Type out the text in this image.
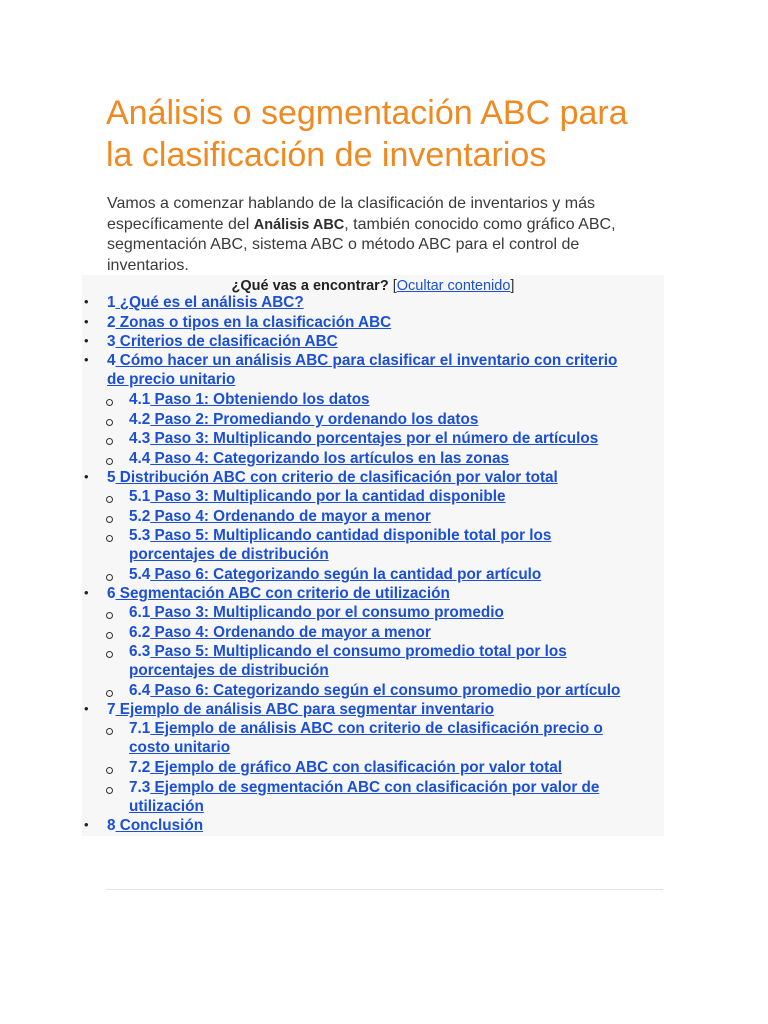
Análisis o segmentación ABC para
la clasificación de inventarios

Vamos a comenzar hablando de la clasificación de inventarios y más
específicamente del Análisis ABC, también conocido como gráfico ABC,
segmentación ABC, sistema ABC o método ABC para el control de
inventarios.

¿Qué vas a encontrar? [Ocultar contenido]
• 1 ¿Qué es el análisis ABC?
• 2 Zonas o tipos en la clasificación ABC
• 3 Criterios de clasificación ABC
• 4 Cómo hacer un análisis ABC para clasificar el inventario con criterio
de precio unitario
4.1 Paso 1: Obteniendo los datos
4.2 Paso 2: Promediando y ordenando los datos
4.3 Paso 3: Multiplicando porcentajes por el número de artículos
4.4 Paso 4: Categorizando los artículos en las zonas
• 5 Distribución ABC con criterio de clasificación por valor total
5.1 Paso 3: Multiplicando por la cantidad disponible
5.2 Paso 4: Ordenando de mayor a menor
5.3 Paso 5: Multiplicando cantidad disponible total por los
porcentajes de distribución
5.4 Paso 6: Categorizando según la cantidad por artículo
• 6 Segmentación ABC con criterio de utilización
6.1 Paso 3: Multiplicando por el consumo promedio
6.2 Paso 4: Ordenando de mayor a menor
6.3 Paso 5: Multiplicando el consumo promedio total por los
porcentajes de distribución
6.4 Paso 6: Categorizando según el consumo promedio por artículo
• 7 Ejemplo de análisis ABC para segmentar inventario
7.1 Ejemplo de análisis ABC con criterio de clasificación precio o
costo unitario
7.2 Ejemplo de gráfico ABC con clasificación por valor total
7.3 Ejemplo de segmentación ABC con clasificación por valor de
utilización
• 8 Conclusión
